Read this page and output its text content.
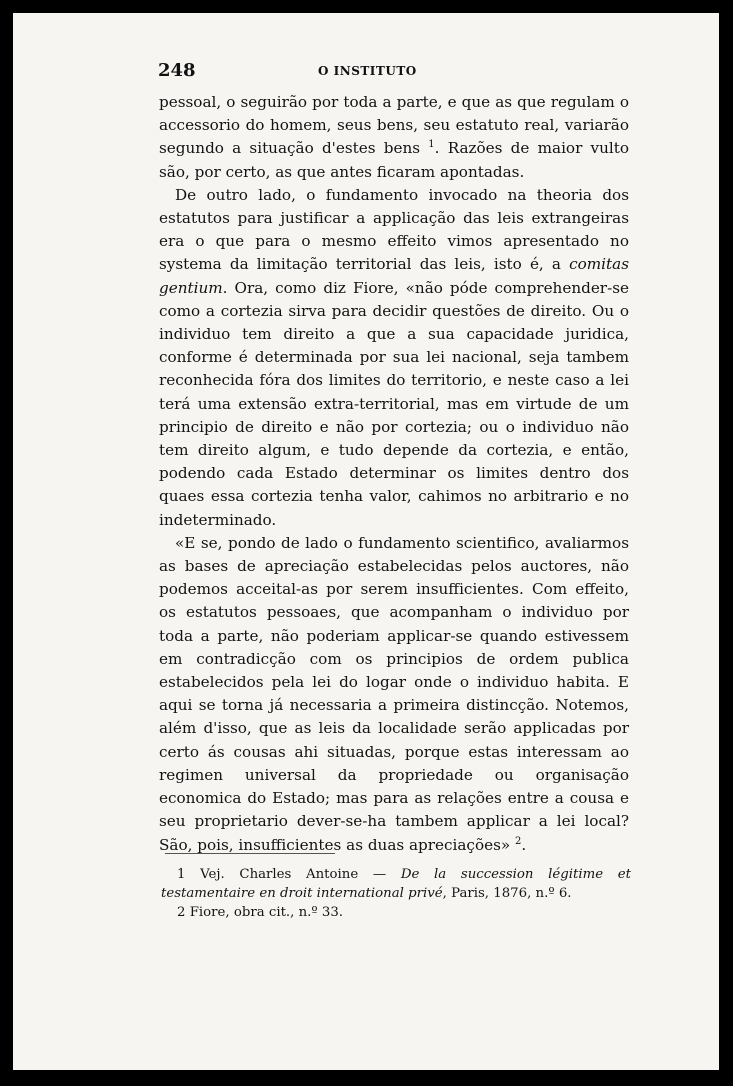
248	O INSTITUTO

pessoal, o seguirão por toda a parte, e que as que regulam o accessorio do homem, seus bens, seu estatuto real, variarão segundo a situação d'estes bens $^1$. Razões de maior vulto são, por certo, as que antes ficaram apontadas.

De outro lado, o fundamento invocado na theoria dos estatutos para justificar a applicação das leis extrangeiras era o que para o mesmo effeito vimos apresentado no systema da limitação territorial das leis, isto é, a comitas gentium. Ora, como diz Fiore, «não póde comprehender-se como a cortezia sirva para decidir questões de direito. Ou o individuo tem direito a que a sua capacidade juridica, conforme é determinada por sua lei nacional, seja tambem reconhecida fóra dos limites do territorio, e neste caso a lei terá uma extensão extra-territorial, mas em virtude de um principio de direito e não por cortezia; ou o individuo não tem direito algum, e tudo depende da cortezia, e então, podendo cada Estado determinar os limites dentro dos quaes essa cortezia tenha valor, cahimos no arbitrario e no indeterminado.

«E se, pondo de lado o fundamento scientifico, avaliarmos as bases de apreciação estabelecidas pelos auctores, não podemos acceital-as por serem insufficientes. Com effeito, os estatutos pessoaes, que acompanham o individuo por toda a parte, não poderiam applicar-se quando estivessem em contradicção com os principios de ordem publica estabelecidos pela lei do logar onde o individuo habita. E aqui se torna já necessaria a primeira distincção. Notemos, além d'isso, que as leis da localidade serão applicadas por certo ás cousas ahi situadas, porque estas interessam ao regimen universal da propriedade ou organisação economica do Estado; mas para as relações entre a cousa e seu proprietario dever-se-ha tambem applicar a lei local? São, pois, insufficientes as duas apreciações» $^2$.

1 Vej. Charles Antoine — De la succession légitime et testamentaire en droit international privé, Paris, 1876, n.º 6.

2 Fiore, obra cit., n.º 33.
